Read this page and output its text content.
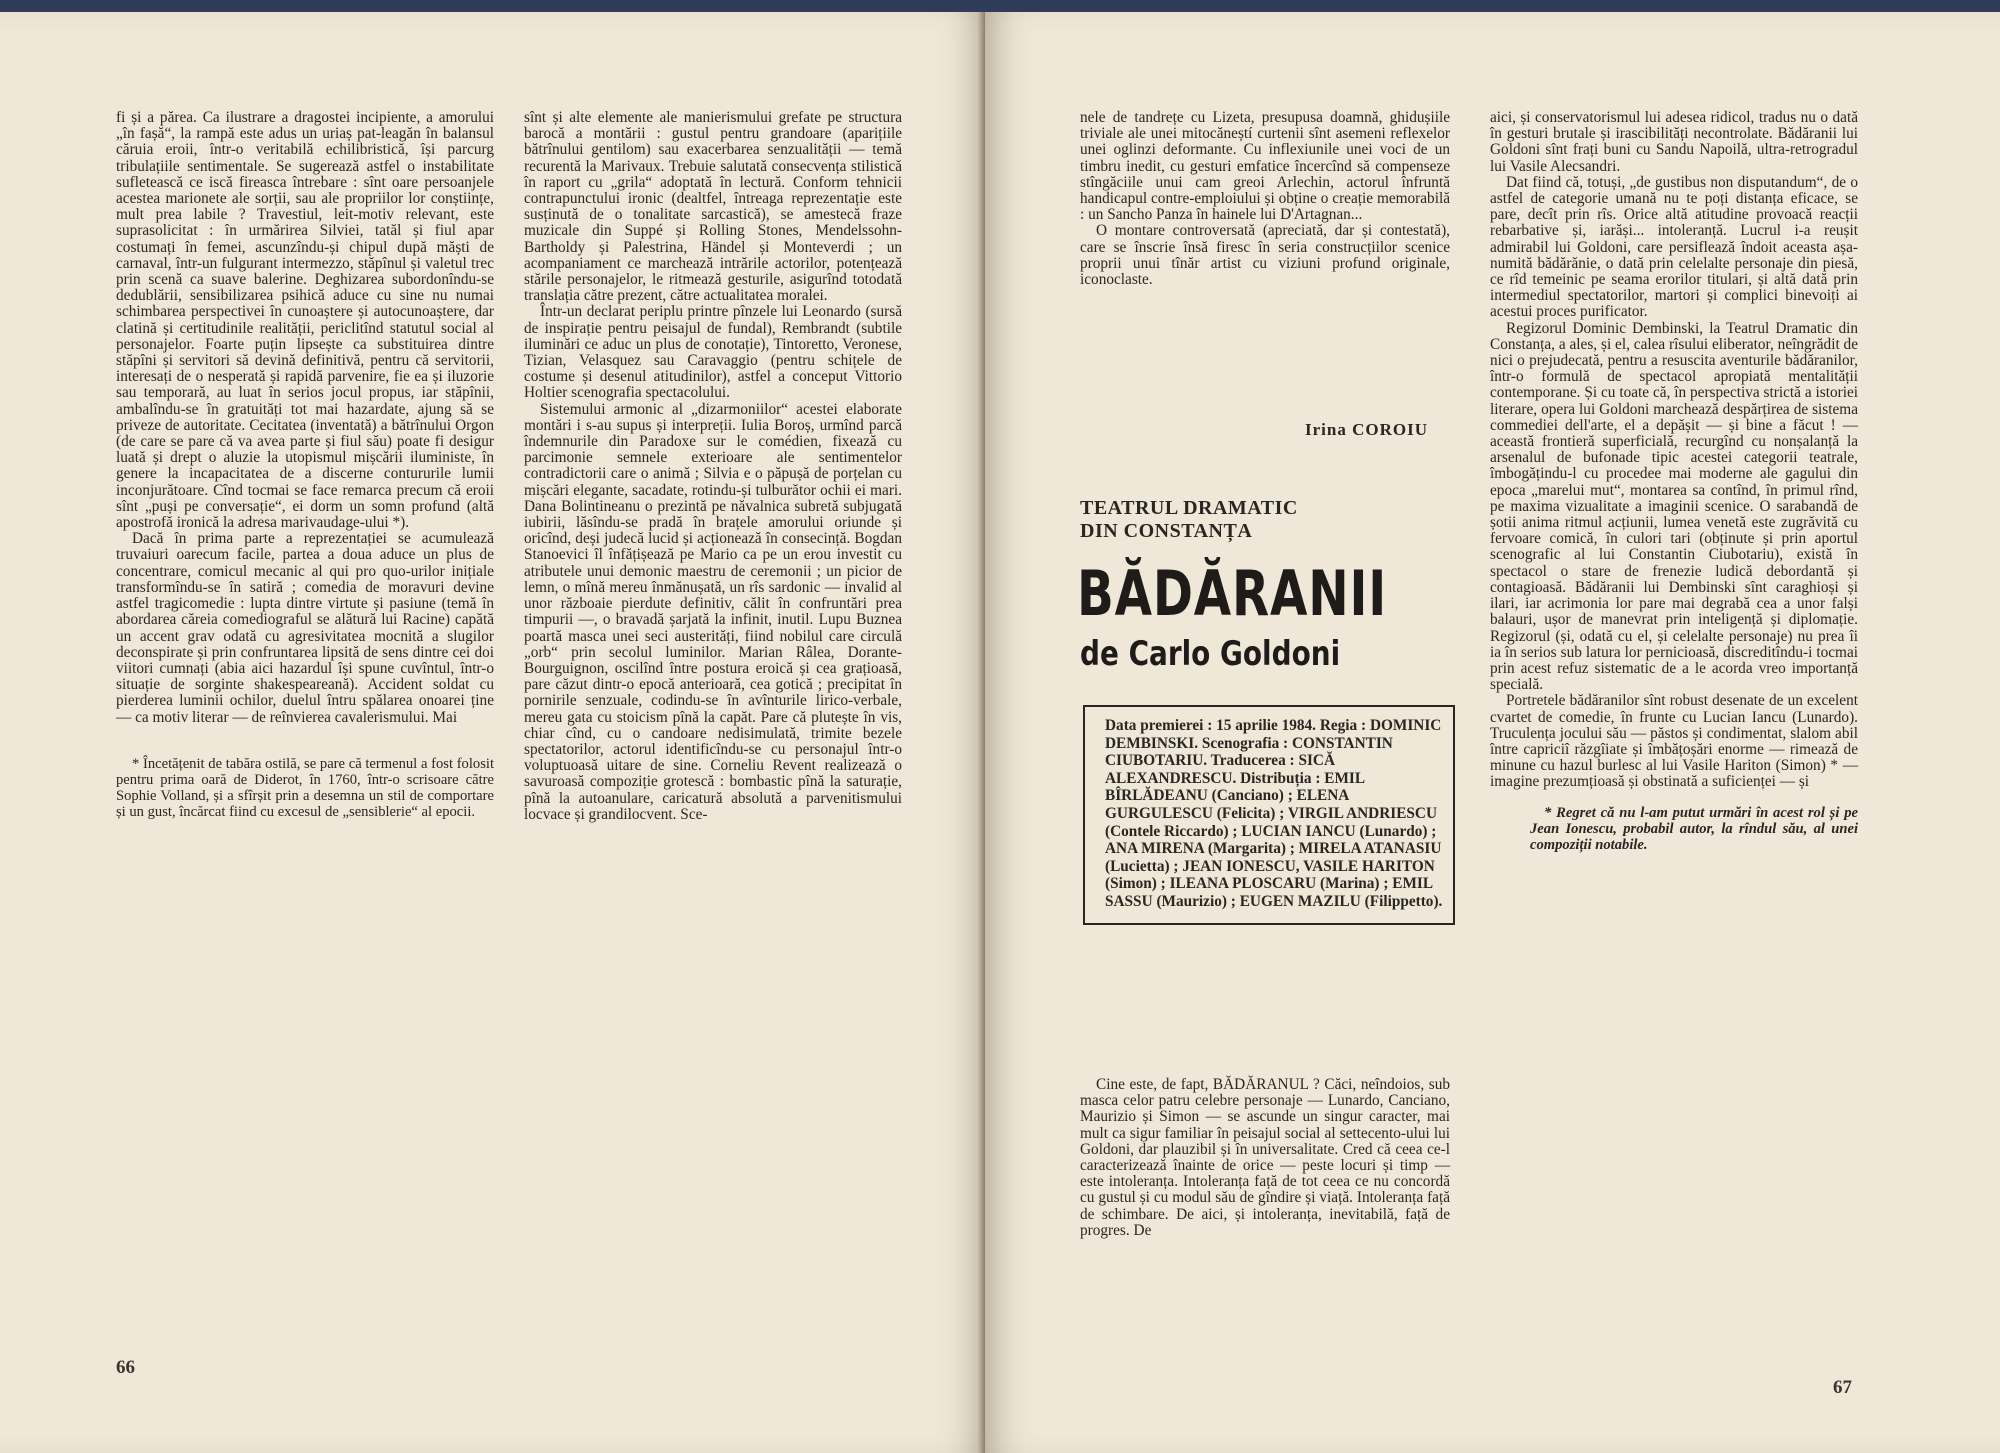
fi și a părea. Ca ilustrare a dragostei incipiente, a amorului „în fașă“, la rampă este adus un uriaș pat-leagăn în balansul căruia eroii, într-o veritabilă echilibristică, își parcurg tribulațiile sentimentale. Se sugerează astfel o instabilitate sufletească ce iscă fireasca întrebare : sînt oare persoanjele acestea marionete ale sorții, sau ale propriilor lor conștiințe, mult prea labile ? Travestiul, leit-motiv relevant, este suprasolicitat : în urmărirea Silviei, tatăl și fiul apar costumați în femei, ascunzîndu-și chipul după măști de carnaval, într-un fulgurant intermezzo, stăpînul și valetul trec prin scenă ca suave balerine. Deghizarea subordonîndu-se dedublării, sensibilizarea psihică aduce cu sine nu numai schimbarea perspectivei în cunoaștere și autocunoaștere, dar clatină și certitudinile realității, periclitînd statutul social al personajelor. Foarte puțin lipsește ca substituirea dintre stăpîni și servitori să devină definitivă, pentru că servitorii, interesați de o nesperată și rapidă parvenire, fie ea și iluzorie sau temporară, au luat în serios jocul propus, iar stăpînii, ambalîndu-se în gratuități tot mai hazardate, ajung să se priveze de autoritate. Cecitatea (inventată) a bătrînului Orgon (de care se pare că va avea parte și fiul său) poate fi desigur luată și drept o aluzie la utopismul mișcării iluministe, în genere la incapacitatea de a discerne contururile lumii inconjurătoare. Cînd tocmai se face remarca precum că eroii sînt „puși pe conversație“, ei dorm un somn profund (altă apostrofă ironică la adresa marivaudage-ului *).

Dacă în prima parte a reprezentației se acumulează truvaiuri oarecum facile, partea a doua aduce un plus de concentrare, comicul mecanic al qui pro quo-urilor inițiale transformîndu-se în satiră ; comedia de moravuri devine astfel tragicomedie : lupta dintre virtute și pasiune (temă în abordarea căreia comediograful se alătură lui Racine) capătă un accent grav odată cu agresivitatea mocnită a slugilor deconspirate și prin confruntarea lipsită de sens dintre cei doi viitori cumnați (abia aici hazardul își spune cuvîntul, într-o situație de sorginte shakespeareană). Accident soldat cu pierderea luminii ochilor, duelul întru spălarea onoarei ține — ca motiv literar — de reînvierea cavalerismului. Mai

* Încetățenit de tabăra ostilă, se pare că termenul a fost folosit pentru prima oară de Diderot, în 1760, într-o scrisoare către Sophie Volland, și a sfîrșit prin a desemna un stil de comportare și un gust, încărcat fiind cu excesul de „sensiblerie“ al epocii.

sînt și alte elemente ale manierismului grefate pe structura barocă a montării : gustul pentru grandoare (aparițiile bătrînului gentilom) sau exacerbarea senzualității — temă recurentă la Marivaux. Trebuie salutată consecvența stilistică în raport cu „grila“ adoptată în lectură. Conform tehnicii contrapunctului ironic (dealtfel, întreaga reprezentație este susținută de o tonalitate sarcastică), se amestecă fraze muzicale din Suppé și Rolling Stones, Mendelssohn-Bartholdy și Palestrina, Händel și Monteverdi ; un acompaniament ce marchează intrările actorilor, potențează stările personajelor, le ritmează gesturile, asigurînd totodată translația către prezent, către actualitatea moralei.

Într-un declarat periplu printre pînzele lui Leonardo (sursă de inspirație pentru peisajul de fundal), Rembrandt (subtile iluminări ce aduc un plus de conotație), Tintoretto, Veronese, Tizian, Velasquez sau Caravaggio (pentru schițele de costume și desenul atitudinilor), astfel a conceput Vittorio Holtier scenografia spectacolului.

Sistemului armonic al „dizarmoniilor“ acestei elaborate montări i s-au supus și interpreții. Iulia Boroș, urmînd parcă îndemnurile din Paradoxe sur le comédien, fixează cu parcimonie semnele exterioare ale sentimentelor contradictorii care o animă ; Silvia e o păpușă de porțelan cu mișcări elegante, sacadate, rotindu-și tulburător ochii ei mari. Dana Bolintineanu o prezintă pe năvalnica subretă subjugată iubirii, lăsîndu-se pradă în brațele amorului oriunde și oricînd, deși judecă lucid și acționează în consecință. Bogdan Stanoevici îl înfățișează pe Mario ca pe un erou investit cu atributele unui demonic maestru de ceremonii ; un picior de lemn, o mînă mereu înmănușată, un rîs sardonic — invalid al unor războaie pierdute definitiv, călit în confruntări prea timpurii —, o bravadă șarjată la infinit, inutil. Lupu Buznea poartă masca unei seci austerități, fiind nobilul care circulă „orb“ prin secolul luminilor. Marian Râlea, Dorante-Bourguignon, oscilînd între postura eroică și cea grațioasă, pare căzut dintr-o epocă anterioară, cea gotică ; precipitat în pornirile senzuale, codindu-se în avînturile lirico-verbale, mereu gata cu stoicism pînă la capăt. Pare că plutește în vis, chiar cînd, cu o candoare nedisimulată, trimite bezele spectatorilor, actorul identificîndu-se cu personajul într-o voluptuoasă uitare de sine. Corneliu Revent realizează o savuroasă compoziție grotescă : bombastic pînă la saturație, pînă la autoanulare, caricatură absolută a parvenitismului locvace și grandilocvent. Sce-

66

nele de tandrețe cu Lizeta, presupusa doamnă, ghidușiile triviale ale unei mitocăneștí curtenii sînt asemeni reflexelor unei oglinzi deformante. Cu inflexiunile unei voci de un timbru inedit, cu gesturi emfatice încercînd să compenseze stîngăciile unui cam greoi Arlechin, actorul înfruntă handicapul contre-emploiului și obține o creație memorabilă : un Sancho Panza în hainele lui D'Artagnan...

O montare controversată (apreciată, dar și contestată), care se înscrie însă firesc în seria construcțiilor scenice proprii unui tînăr artist cu viziuni profund originale, iconoclaste.

Irina COROIU
TEATRUL DRAMATIC
DIN CONSTANȚA
BĂDĂRANII
de Carlo Goldoni
Data premierei : 15 aprilie 1984. Regia : DOMINIC DEMBINSKI. Scenografia : CONSTANTIN CIUBOTARIU. Traducerea : SICĂ ALEXANDRESCU. Distribuția : EMIL BÎRLĂDEANU (Canciano) ; ELENA GURGULESCU (Felicita) ; VIRGIL ANDRIESCU (Contele Riccardo) ; LUCIAN IANCU (Lunardo) ; ANA MIRENA (Margarita) ; MIRELA ATANASIU (Lucietta) ; JEAN IONESCU, VASILE HARITON (Simon) ; ILEANA PLOSCARU (Marina) ; EMIL SASSU (Maurizio) ; EUGEN MAZILU (Filippetto).

Cine este, de fapt, BĂDĂRANUL ? Căci, neîndoios, sub masca celor patru celebre personaje — Lunardo, Canciano, Maurizio și Simon — se ascunde un singur caracter, mai mult ca sigur familiar în peisajul social al settecento-ului lui Goldoni, dar plauzibil și în universalitate. Cred că ceea ce-l caracterizează înainte de orice — peste locuri și timp — este intoleranța. Intoleranța față de tot ceea ce nu concordă cu gustul și cu modul său de gîndire și viață. Intoleranța față de schimbare. De aici, și intoleranța, inevitabilă, față de progres. De

aici, și conservatorismul lui adesea ridicol, tradus nu o dată în gesturi brutale și irascibilități necontrolate. Bădăranii lui Goldoni sînt frați buni cu Sandu Napoilă, ultra-retrogradul lui Vasile Alecsandri.

Dat fiind că, totuși, „de gustibus non disputandum“, de o astfel de categorie umană nu te poți distanța eficace, se pare, decît prin rîs. Orice altă atitudine provoacă reacții rebarbative și, iarăși... intoleranță. Lucrul i-a reușit admirabil lui Goldoni, care persiflează îndoit aceasta așa-numită bădărănie, o dată prin celelalte personaje din piesă, ce rîd temeinic pe seama erorilor titulari, și altă dată prin intermediul spectatorilor, martori și complici binevoiți ai acestui proces purificator.

Regizorul Dominic Dembinski, la Teatrul Dramatic din Constanța, a ales, și el, calea rîsului eliberator, neîngrădit de nici o prejudecată, pentru a resuscita aventurile bădăranilor, într-o formulă de spectacol apropiată mentalității contemporane. Și cu toate că, în perspectiva strictă a istoriei literare, opera lui Goldoni marchează despărțirea de sistema commediei dell'arte, el a depășit — și bine a făcut ! — această frontieră superficială, recurgînd cu nonșalanță la arsenalul de bufonade tipic acestei categorii teatrale, îmbogățindu-l cu procedee mai moderne ale gagului din epoca „marelui mut“, montarea sa contînd, în primul rînd, pe maxima vizualitate a imaginii scenice. O sarabandă de șotii anima ritmul acțiunii, lumea venetă este zugrăvită cu fervoare comică, în culori tari (obținute și prin aportul scenografic al lui Constantin Ciubotariu), există în spectacol o stare de frenezie ludică debordantă și contagioasă. Bădăranii lui Dembinski sînt caraghioși și ilari, iar acrimonia lor pare mai degrabă cea a unor falși balauri, ușor de manevrat prin inteligență și diplomație. Regizorul (și, odată cu el, și celelalte personaje) nu prea îi ia în serios sub latura lor pernicioasă, discreditîndu-i tocmai prin acest refuz sistematic de a le acorda vreo importanță specială.

Portretele bădăranilor sînt robust desenate de un excelent cvartet de comedie, în frunte cu Lucian Iancu (Lunardo). Truculența jocului său — păstos și condimentat, slalom abil între capriciî răzgîiate și îmbățoșări enorme — rimează de minune cu hazul burlesc al lui Vasile Hariton (Simon) * — imagine prezumțioasă și obstinată a suficienței — și

* Regret că nu l-am putut urmări în acest rol și pe Jean Ionescu, probabil autor, la rîndul său, al unei compoziții notabile.
67
